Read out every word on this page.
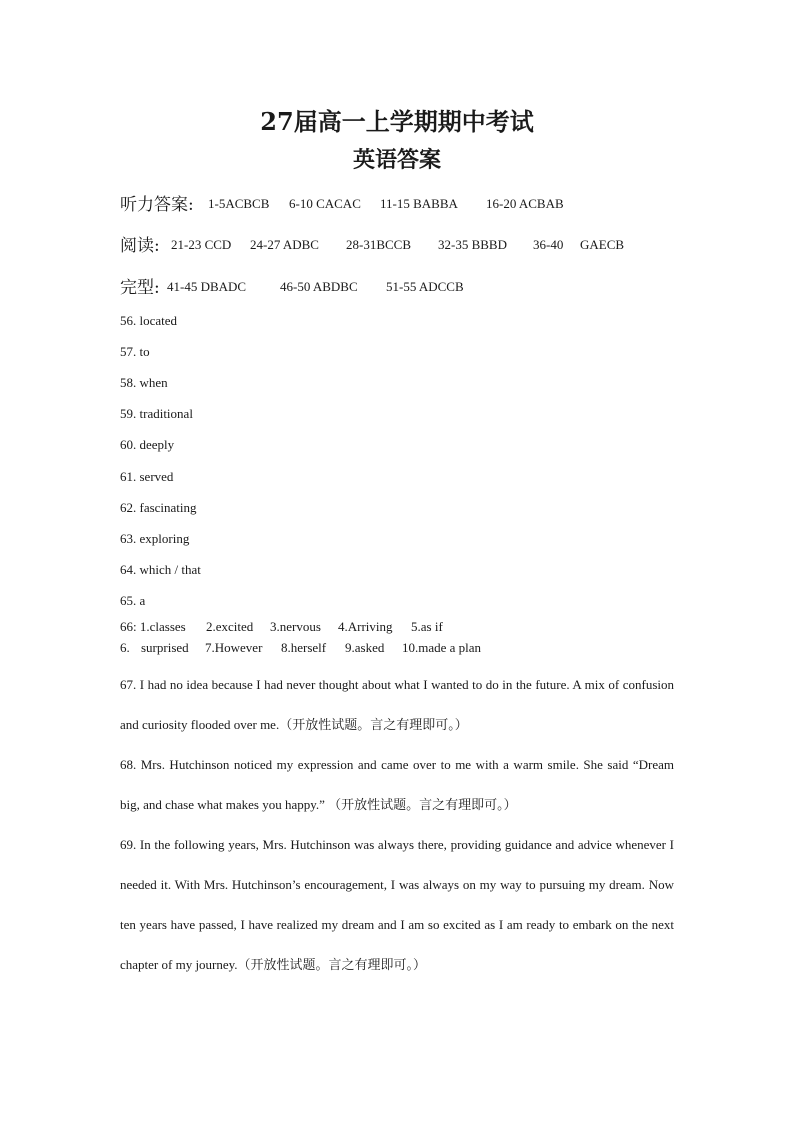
27届高一上学期期中考试
英语答案
听力答案: 1-5ACBCB 6-10 CACAC 11-15 BABBA 16-20 ACBAB
阅读: 21-23 CCD 24-27 ADBC 28-31BCCB 32-35 BBBD 36-40 GAECB
完型: 41-45 DBADC	46-50 ABDBC 51-55 ADCCB
56. located
57. to
58. when
59. traditional
60. deeply
61. served
62. fascinating
63. exploring
64. which / that
65. a
66: 1.classes 2.excited 3.nervous 4.Arriving 5.as if
6. surprised 7.However 8.herself 9.asked 10.made a plan
67. I had no idea because I had never thought about what I wanted to do in the future. A mix of confusion and curiosity flooded over me.（开放性试题。言之有理即可。）
68. Mrs. Hutchinson noticed my expression and came over to me with a warm smile. She said “Dream big, and chase what makes you happy.” （开放性试题。言之有理即可。）
69. In the following years, Mrs. Hutchinson was always there, providing guidance and advice whenever I needed it. With Mrs. Hutchinson’s encouragement, I was always on my way to pursuing my dream. Now ten years have passed, I have realized my dream and I am so excited as I am ready to embark on the next chapter of my journey.（开放性试题。言之有理即可。）
